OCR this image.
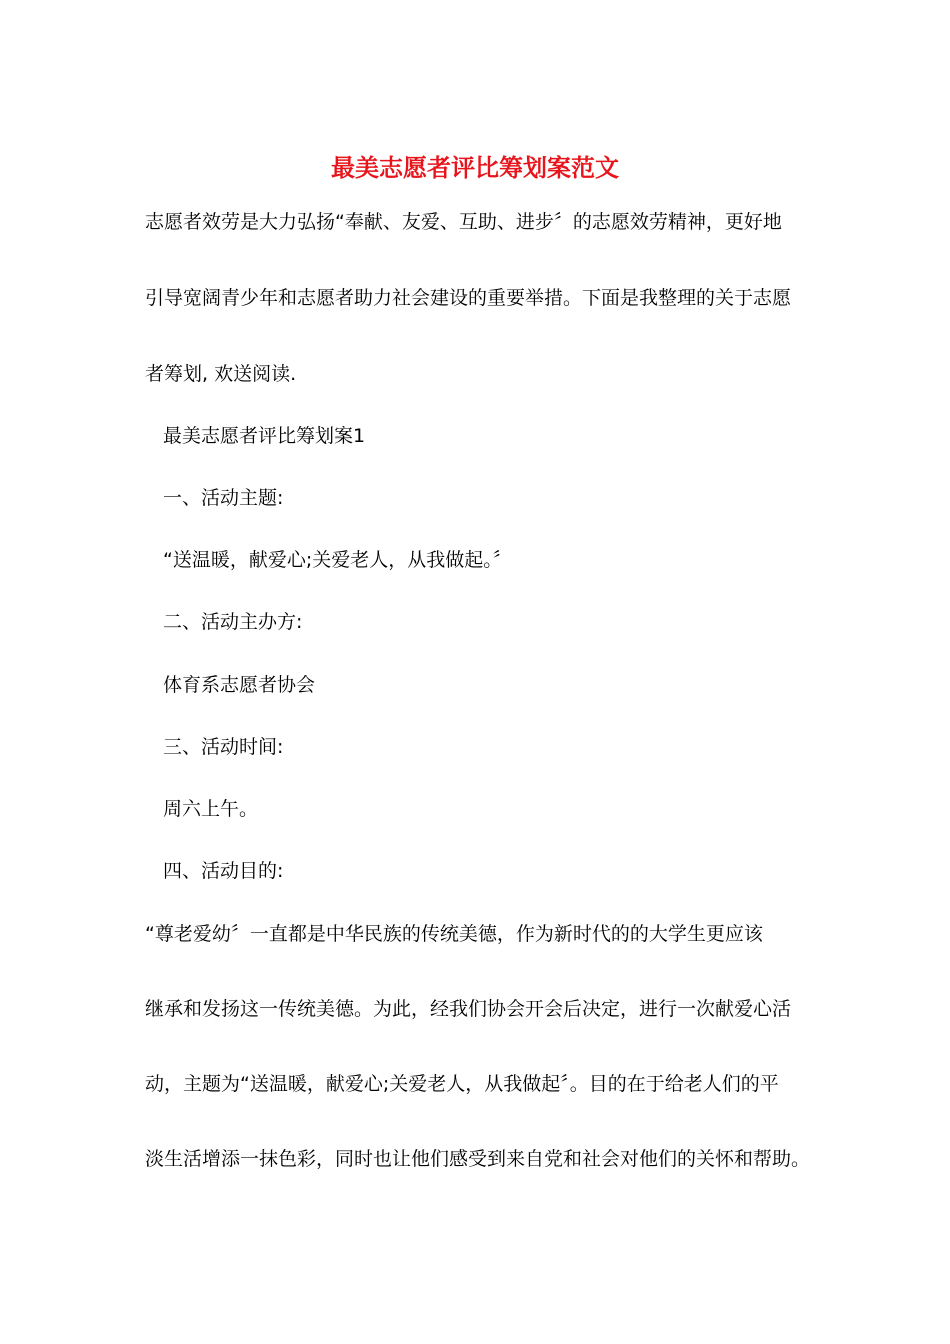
最美志愿者评比筹划案范文

志愿者效劳是大力弘扬“奉献、友爱、互助、进步〞的志愿效劳精神，更好地

引导宽阔青少年和志愿者助力社会建设的重要举措。下面是我整理的关于志愿

者筹划, 欢送阅读.

最美志愿者评比筹划案1

一、活动主题:

“送温暖，献爱心;关爱老人，从我做起。〞

二、活动主办方:

体育系志愿者协会

三、活动时间:

周六上午。

四、活动目的:

“尊老爱幼〞一直都是中华民族的传统美德，作为新时代的的大学生更应该

继承和发扬这一传统美德。为此，经我们协会开会后决定，进行一次献爱心活

动，主题为“送温暖，献爱心;关爱老人，从我做起〞。目的在于给老人们的平

淡生活增添一抹色彩，同时也让他们感受到来自党和社会对他们的关怀和帮助。
